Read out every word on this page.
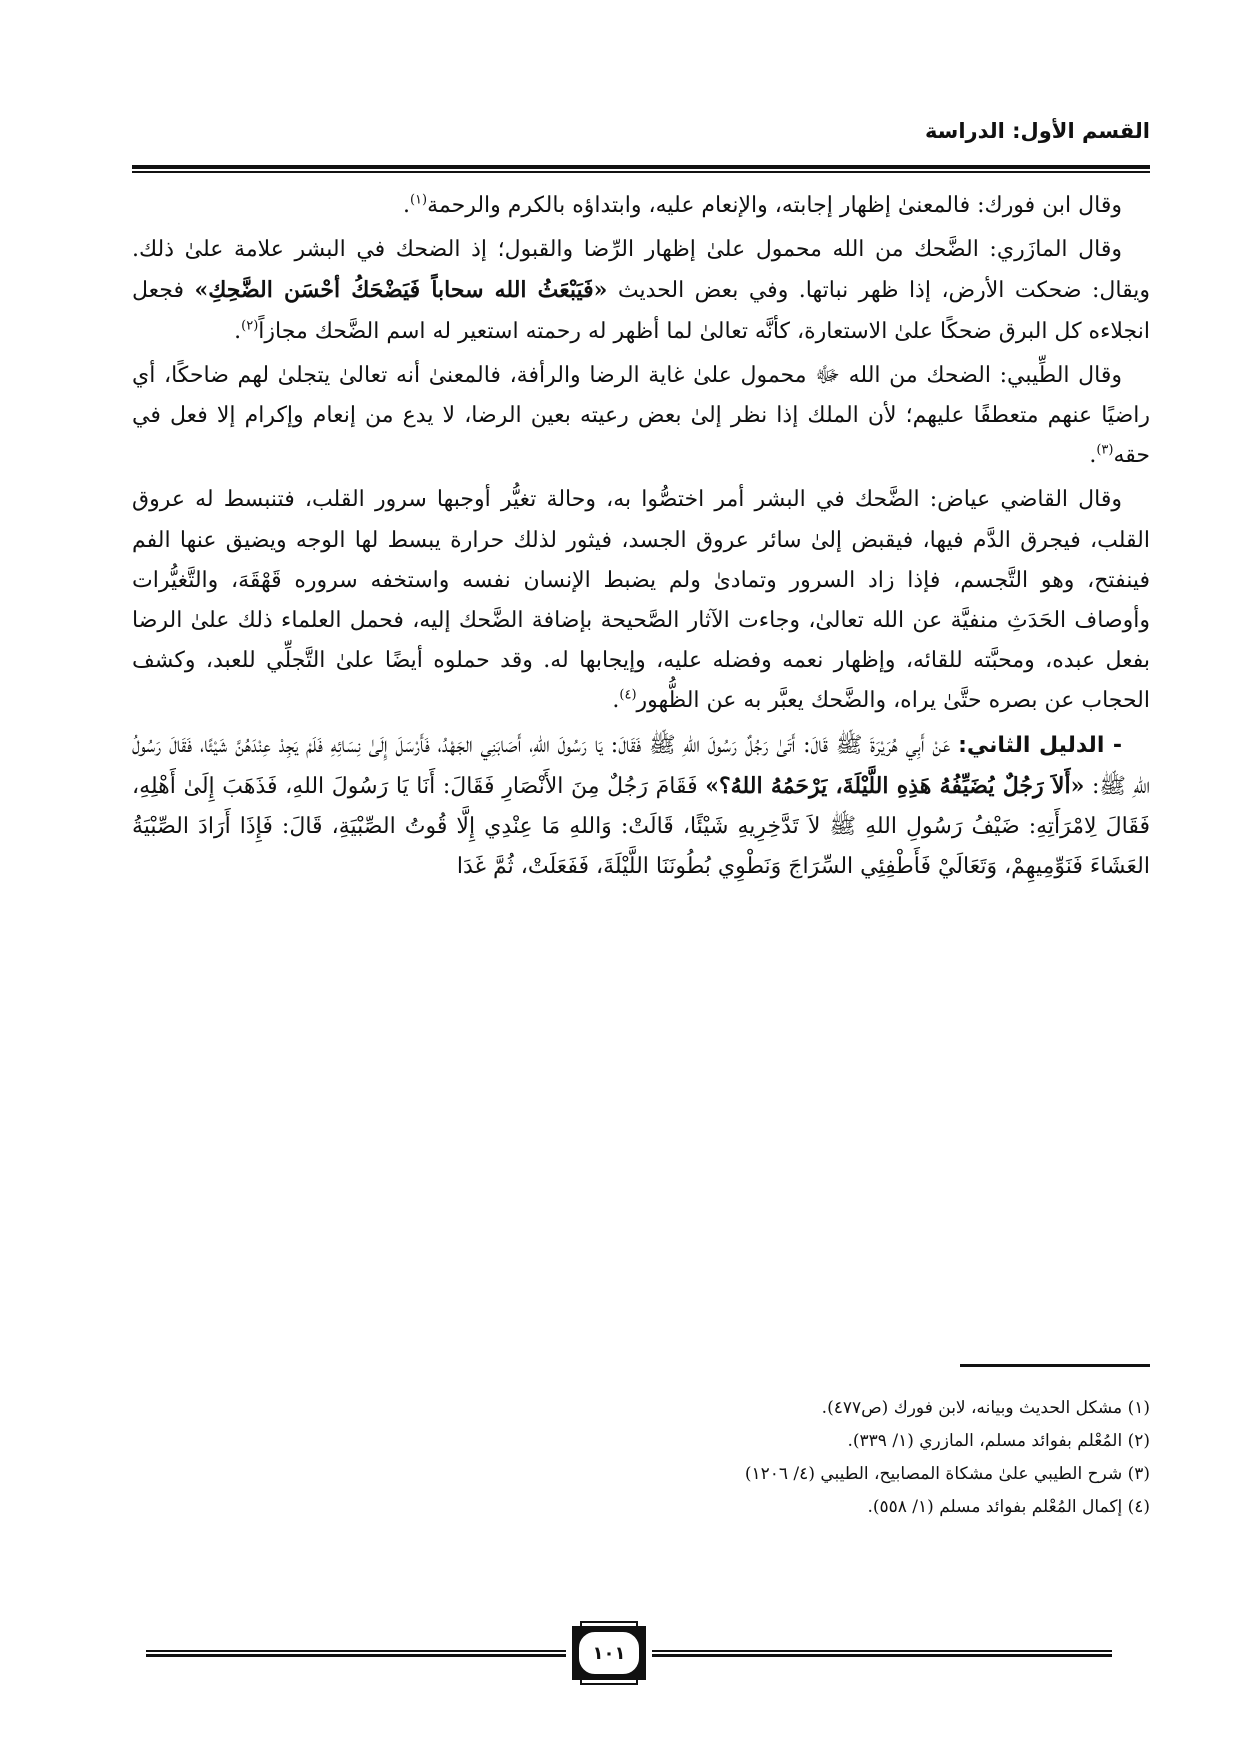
القسم الأول: الدراسة

وقال ابن فورك: فالمعنىٰ إظهار إجابته، والإنعام عليه، وابتداؤه بالكرم والرحمة$^{(١)}$.

وقال المازَري: الضَّحك من الله محمول علىٰ إظهار الرِّضا والقبول؛ إذ الضحك في البشر علامة علىٰ ذلك. ويقال: ضحكت الأرض، إذا ظهر نباتها. وفي بعض الحديث «فَيَبْعَثُ الله سحاباً فَيَضْحَكُ أحْسَن الضَّحِكِ» فجعل انجلاءه كل البرق ضحكًا علىٰ الاستعارة، كأنَّه تعالىٰ لما أظهر له رحمته استعير له اسم الضَّحك مجازاً$^{(٢)}$.

وقال الطِّيبي: الضحك من الله ﷻ محمول علىٰ غاية الرضا والرأفة، فالمعنىٰ أنه تعالىٰ يتجلىٰ لهم ضاحكًا، أي راضيًا عنهم متعطفًا عليهم؛ لأن الملك إذا نظر إلىٰ بعض رعيته بعين الرضا، لا يدع من إنعام وإكرام إلا فعل في حقه$^{(٣)}$.

وقال القاضي عياض: الضَّحك في البشر أمر اختصُّوا به، وحالة تغيُّر أوجبها سرور القلب، فتنبسط له عروق القلب، فيجرق الدَّم فيها، فيقبض إلىٰ سائر عروق الجسد، فيثور لذلك حرارة يبسط لها الوجه ويضيق عنها الفم فينفتح، وهو التَّجسم، فإذا زاد السرور وتمادىٰ ولم يضبط الإنسان نفسه واستخفه سروره قَهْقَهَ، والتَّغيُّرات وأوصاف الحَدَثِ منفيَّة عن الله تعالىٰ، وجاءت الآثار الصَّحيحة بإضافة الضَّحك إليه، فحمل العلماء ذلك علىٰ الرضا بفعل عبده، ومحبَّته للقائه، وإظهار نعمه وفضله عليه، وإيجابها له. وقد حملوه أيضًا علىٰ التَّجلِّي للعبد، وكشف الحجاب عن بصره حتَّىٰ يراه، والضَّحك يعبَّر به عن الظُّهور$^{(٤)}$.

- الدليل الثاني: عَنْ أَبِي هُرَيْرَةَ ﷺ قَالَ: أَتَىٰ رَجُلٌ رَسُولَ اللهِ ﷺ فَقَالَ: يَا رَسُولَ اللهِ، أَصَابَنِي الجَهْدُ، فَأَرْسَلَ إِلَىٰ نِسَائِهِ فَلَمْ يَجِدْ عِنْدَهُنَّ شَيْئًا، فَقَالَ رَسُولُ اللهِ ﷺ: «أَلاَ رَجُلٌ يُضَيِّفُهُ هَذِهِ اللَّيْلَةَ، يَرْحَمُهُ اللهُ؟» فَقَامَ رَجُلٌ مِنَ الأَنْصَارِ فَقَالَ: أَنَا يَا رَسُولَ اللهِ، فَذَهَبَ إِلَىٰ أَهْلِهِ، فَقَالَ لِامْرَأَتِهِ: ضَيْفُ رَسُولِ اللهِ ﷺ لاَ تَدَّخِرِيهِ شَيْئًا، قَالَتْ: وَاللهِ مَا عِنْدِي إِلَّا قُوتُ الصِّبْيَةِ، قَالَ: فَإِذَا أَرَادَ الصِّبْيَةُ العَشَاءَ فَنَوِّمِيهِمْ، وَتَعَالَيْ فَأَطْفِئِي السِّرَاجَ وَنَطْوِي بُطُونَنَا اللَّيْلَةَ، فَفَعَلَتْ، ثُمَّ غَدَا

(١) مشكل الحديث وبيانه، لابن فورك (ص٤٧٧).

(٢) المُعْلم بفوائد مسلم، المازري (١/ ٣٣٩).

(٣) شرح الطيبي علىٰ مشكاة المصابيح، الطيبي (٤/ ١٢٠٦)

(٤) إكمال المُعْلم بفوائد مسلم (١/ ٥٥٨).

١٠١
